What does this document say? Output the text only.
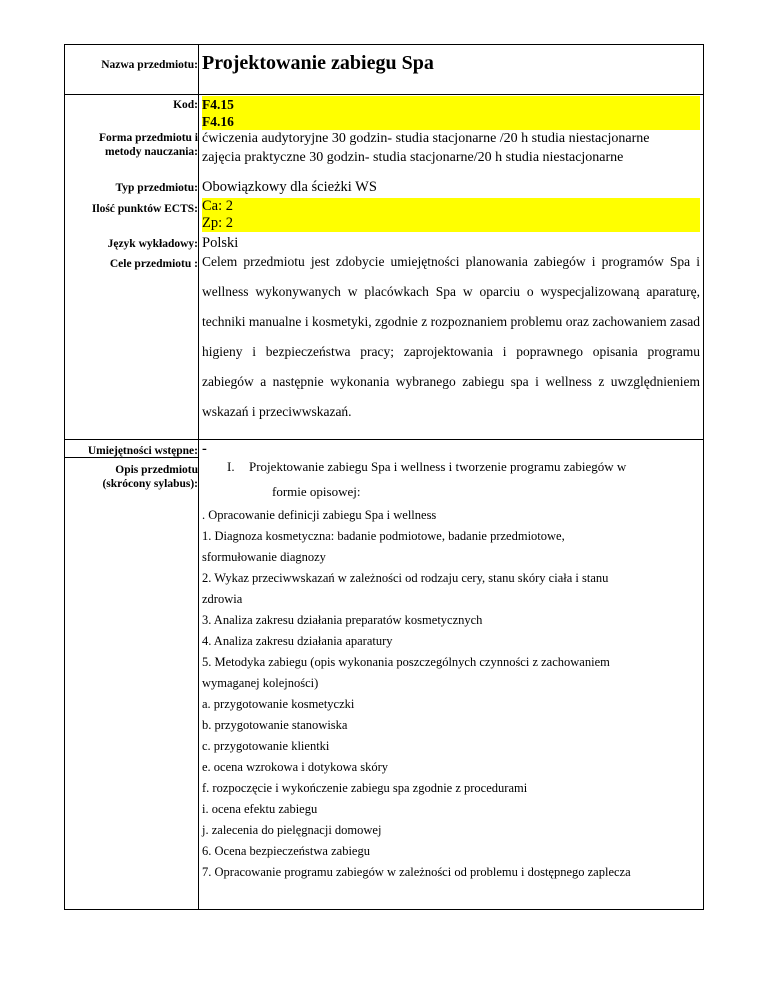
Nazwa przedmiotu: Projektowanie zabiegu Spa
Kod: F4.15
F4.16
Forma przedmiotu i
metody nauczania:
ćwiczenia audytoryjne 30 godzin- studia stacjonarne /20 h studia niestacjonarne
zajęcia praktyczne 30 godzin- studia stacjonarne/20 h studia niestacjonarne
Typ przedmiotu: Obowiązkowy dla ścieżki WS
Ilość punktów ECTS: Ca: 2
Zp: 2
Język wykładowy: Polski
Cele przedmiotu : Celem przedmiotu jest zdobycie umiejętności planowania zabiegów i programów Spa i wellness wykonywanych w placówkach Spa w oparciu o wyspecjalizowaną aparaturę, techniki manualne i kosmetyki, zgodnie z rozpoznaniem problemu oraz zachowaniem zasad higieny i bezpieczeństwa pracy; zaprojektowania i poprawnego opisania programu zabiegów a następnie wykonania wybranego zabiegu spa i wellness z uwzględnieniem wskazań i przeciwwskazań.
Umiejętności wstępne: -
Opis przedmiotu
(skrócony sylabus):
I. Projektowanie zabiegu Spa i wellness i tworzenie programu zabiegów w
formie opisowej:
. Opracowanie definicji zabiegu Spa i wellness
1. Diagnoza kosmetyczna: badanie podmiotowe, badanie przedmiotowe,
sformułowanie diagnozy
2. Wykaz przeciwwskazań w zależności od rodzaju cery, stanu skóry ciała i stanu
zdrowia
3. Analiza zakresu działania preparatów kosmetycznych
4. Analiza zakresu działania aparatury
5. Metodyka zabiegu (opis wykonania poszczególnych czynności z zachowaniem
wymaganej kolejności)
a. przygotowanie kosmetyczki
b. przygotowanie stanowiska
c. przygotowanie klientki
e. ocena wzrokowa i dotykowa skóry
f. rozpoczęcie i wykończenie zabiegu spa zgodnie z procedurami
i. ocena efektu zabiegu
j. zalecenia do pielęgnacji domowej
6. Ocena bezpieczeństwa zabiegu
7. Opracowanie programu zabiegów w zależności od problemu i dostępnego zaplecza
